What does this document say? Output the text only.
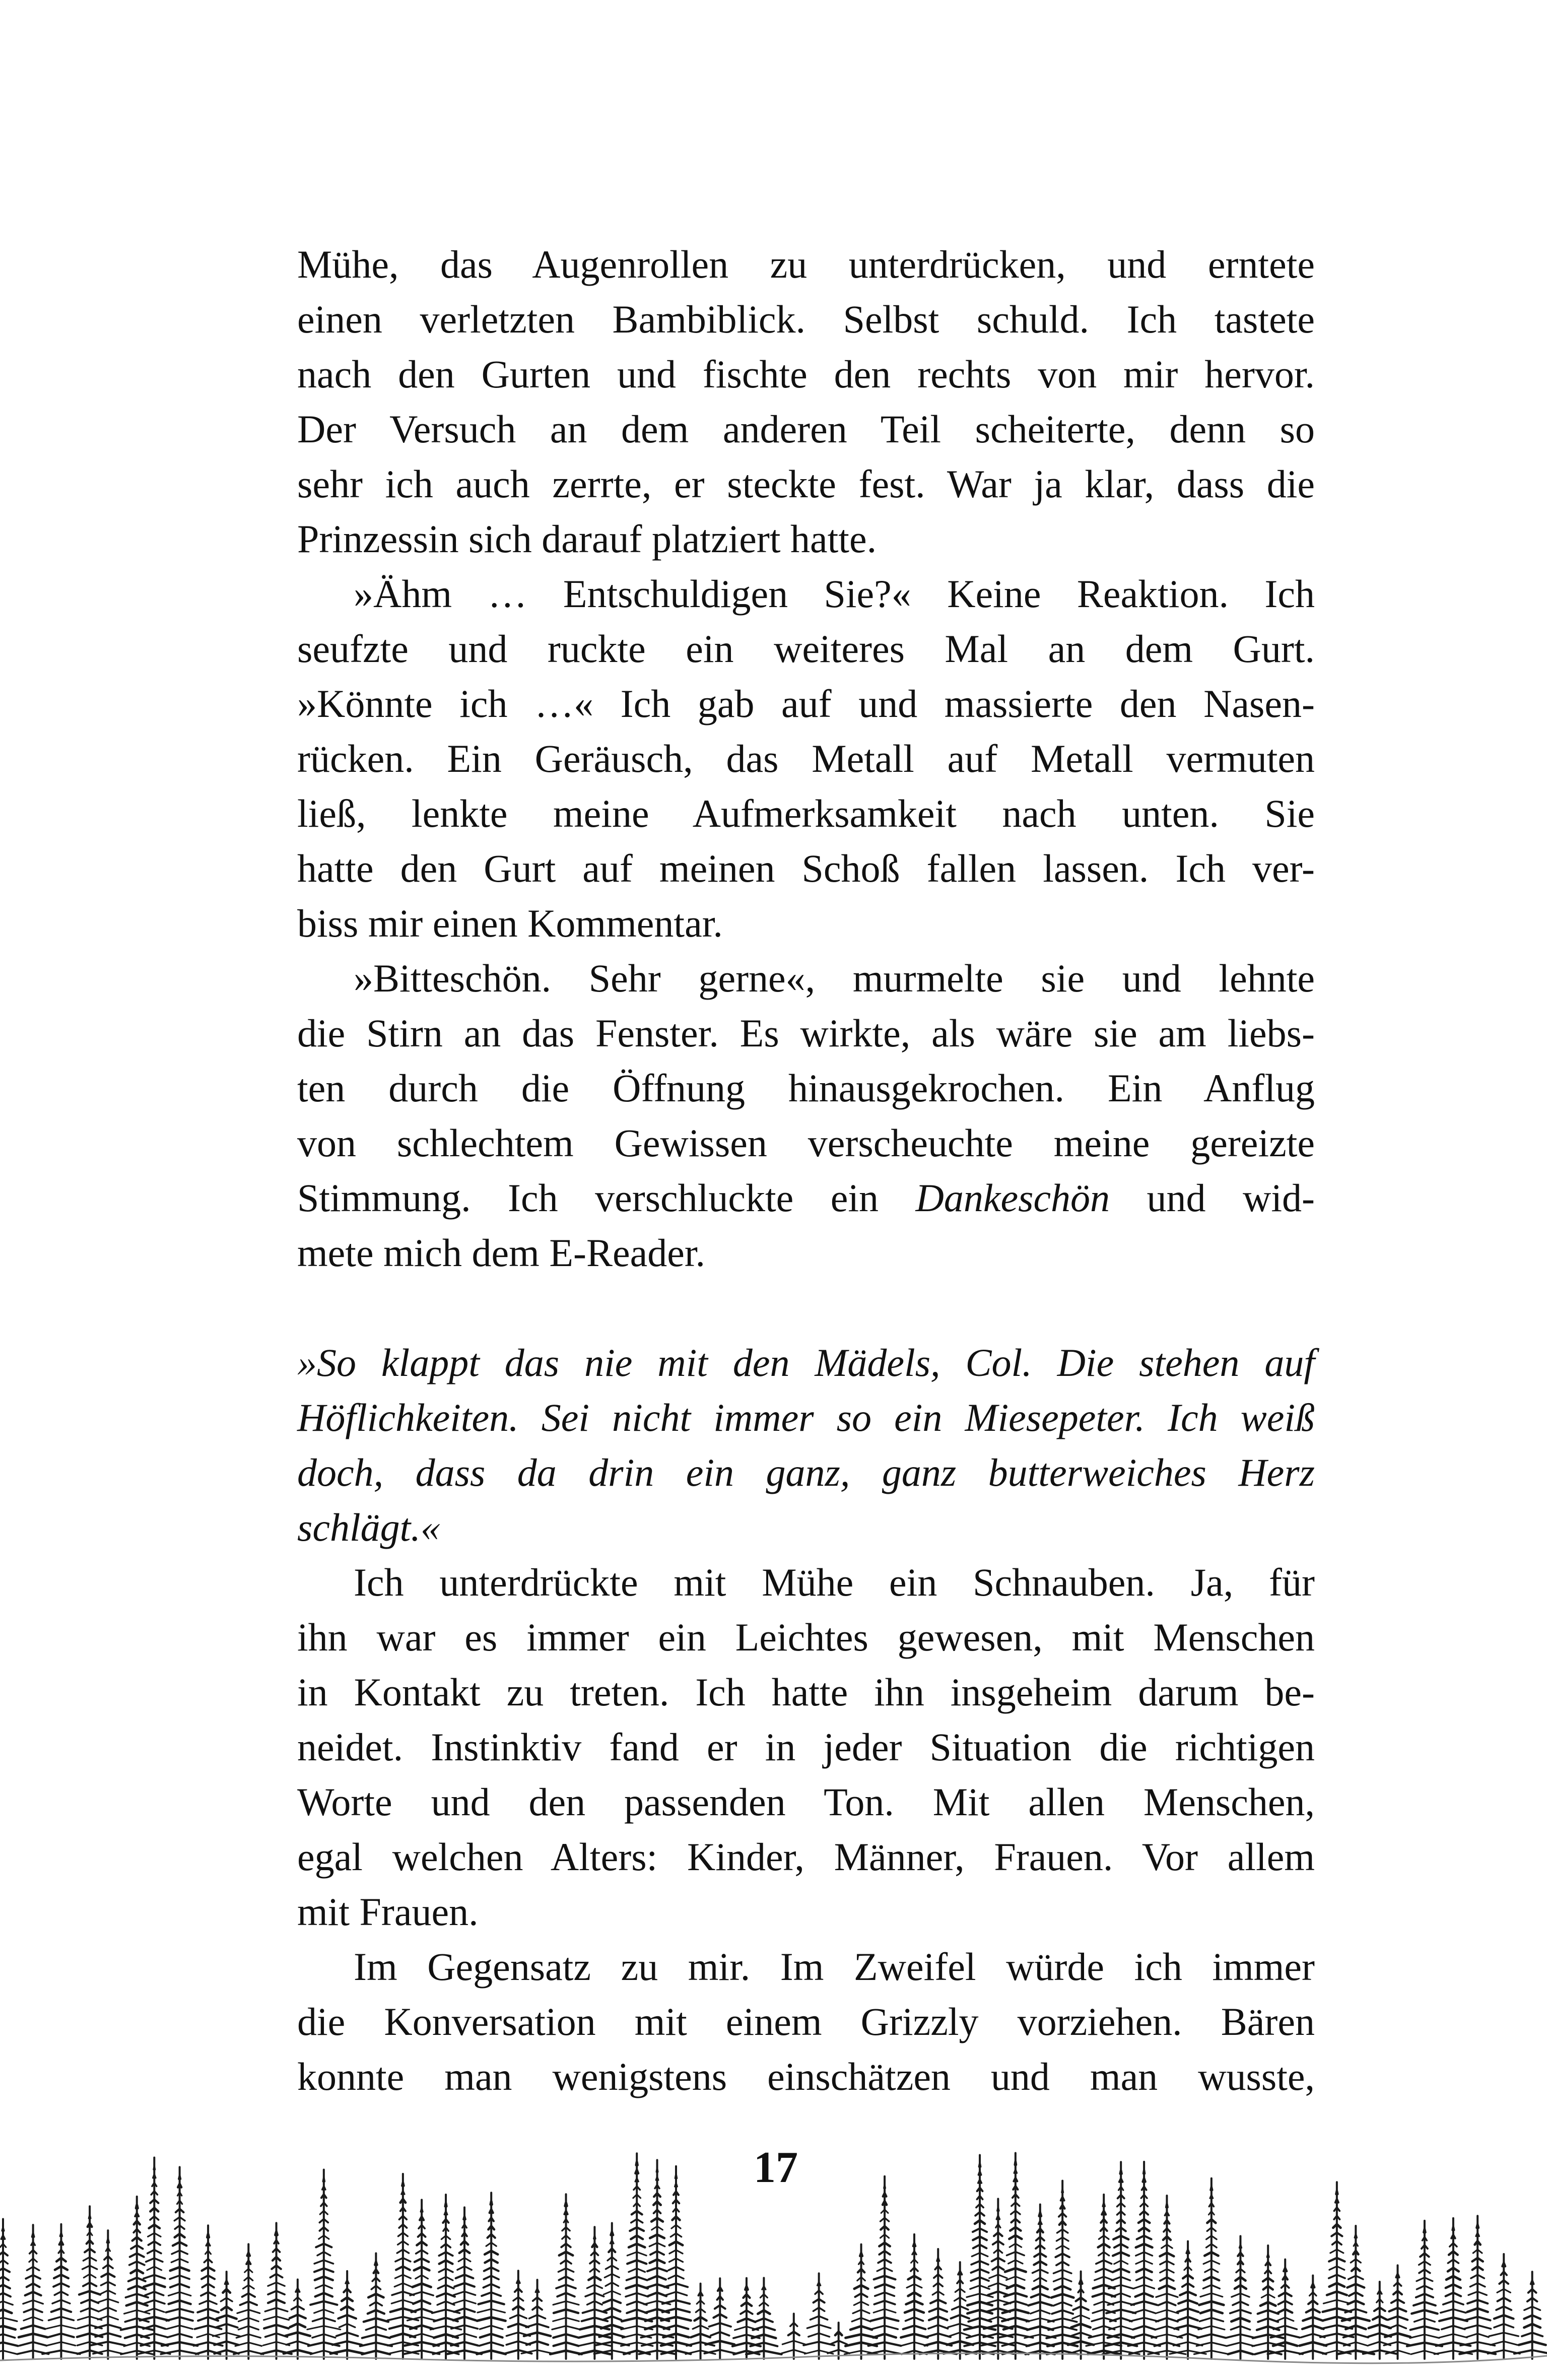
Mühe, das Augenrollen zu unterdrücken, und erntete
einen verletzten Bambiblick. Selbst schuld. Ich tastete
nach den Gurten und fischte den rechts von mir hervor.
Der Versuch an dem anderen Teil scheiterte, denn so
sehr ich auch zerrte, er steckte fest. War ja klar, dass die
Prinzessin sich darauf platziert hatte.

»Ähm … Entschuldigen Sie?« Keine Reaktion. Ich
seufzte und ruckte ein weiteres Mal an dem Gurt.
»Könnte ich …« Ich gab auf und massierte den Nasen-
rücken. Ein Geräusch, das Metall auf Metall vermuten
ließ, lenkte meine Aufmerksamkeit nach unten. Sie
hatte den Gurt auf meinen Schoß fallen lassen. Ich ver-
biss mir einen Kommentar.

»Bitteschön. Sehr gerne«, murmelte sie und lehnte
die Stirn an das Fenster. Es wirkte, als wäre sie am liebs-
ten durch die Öffnung hinausgekrochen. Ein Anflug
von schlechtem Gewissen verscheuchte meine gereizte
Stimmung. Ich verschluckte ein Dankeschön und wid-
mete mich dem E-Reader.

»So klappt das nie mit den Mädels, Col. Die stehen auf
Höflichkeiten. Sei nicht immer so ein Miesepeter. Ich weiß
doch, dass da drin ein ganz, ganz butterweiches Herz
schlägt.«

Ich unterdrückte mit Mühe ein Schnauben. Ja, für
ihn war es immer ein Leichtes gewesen, mit Menschen
in Kontakt zu treten. Ich hatte ihn insgeheim darum be-
neidet. Instinktiv fand er in jeder Situation die richtigen
Worte und den passenden Ton. Mit allen Menschen,
egal welchen Alters: Kinder, Männer, Frauen. Vor allem
mit Frauen.

Im Gegensatz zu mir. Im Zweifel würde ich immer
die Konversation mit einem Grizzly vorziehen. Bären
konnte man wenigstens einschätzen und man wusste,

17
